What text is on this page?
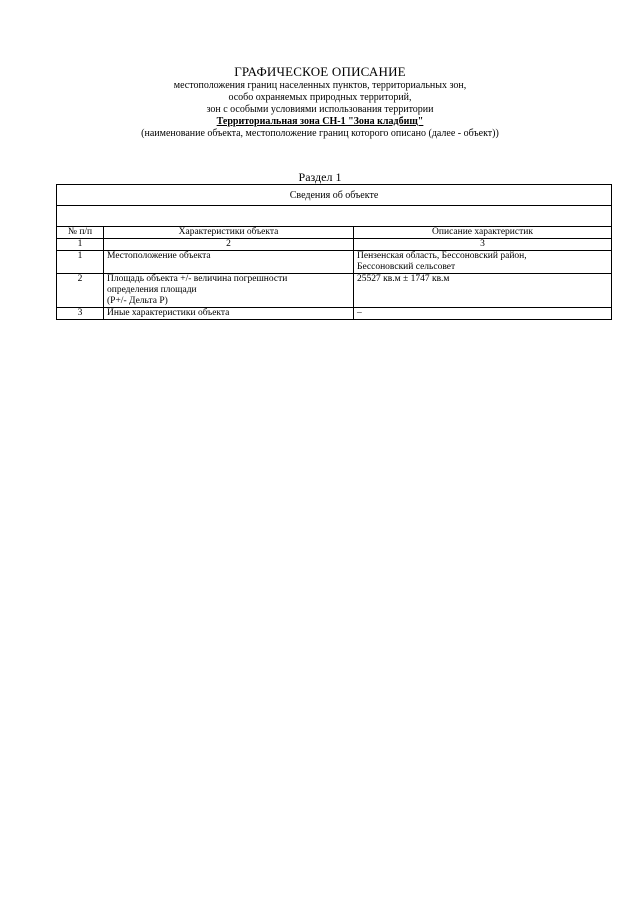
ГРАФИЧЕСКОЕ ОПИСАНИЕ
местоположения границ населенных пунктов, территориальных зон,
особо охраняемых природных территорий,
зон с особыми условиями использования территории
Территориальная зона СН-1 "Зона кладбищ"
(наименование объекта, местоположение границ которого описано (далее - объект))
Раздел 1
Сведения об объекте		

№ п/п	Характеристики объекта	Описание характеристик
1	2	3
1	Местоположение объекта	Пензенская область, Бессоновский район,
Бессоновский сельсовет

2	Площадь объекта +/- величина погрешности
определения площади
(P+/- Дельта P)	25527 кв.м ± 1747 кв.м

3	Иные характеристики объекта	–
